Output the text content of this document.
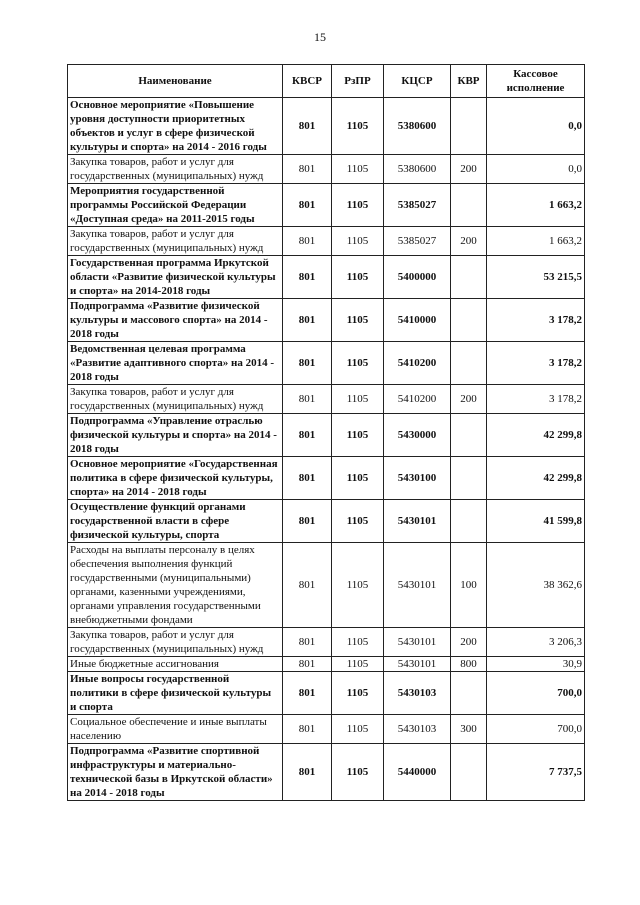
15
Наименование	КВСР	РзПР	КЦСР	КВР	Кассовое исполнение
Основное мероприятие «Повышение уровня доступности приоритетных объектов и услуг в сфере физической культуры и спорта» на 2014 - 2016 годы	801	1105	5380600		0,0
Закупка товаров, работ и услуг для государственных (муниципальных) нужд	801	1105	5380600	200	0,0
Мероприятия государственной программы Российской Федерации «Доступная среда» на 2011-2015 годы	801	1105	5385027		1 663,2
Закупка товаров, работ и услуг для государственных (муниципальных) нужд	801	1105	5385027	200	1 663,2
Государственная программа Иркутской области «Развитие физической культуры и спорта» на 2014-2018 годы	801	1105	5400000		53 215,5
Подпрограмма «Развитие физической культуры и массового спорта» на 2014 - 2018 годы	801	1105	5410000		3 178,2
Ведомственная целевая программа «Развитие адаптивного спорта» на 2014 - 2018 годы	801	1105	5410200		3 178,2
Закупка товаров, работ и услуг для государственных (муниципальных) нужд	801	1105	5410200	200	3 178,2
Подпрограмма «Управление отраслью физической культуры и спорта» на 2014 - 2018 годы	801	1105	5430000		42 299,8
Основное мероприятие «Государственная политика в сфере физической культуры, спорта» на 2014 - 2018 годы	801	1105	5430100		42 299,8
Осуществление функций органами государственной власти в сфере физической культуры, спорта	801	1105	5430101		41 599,8
Расходы на выплаты персоналу в целях обеспечения выполнения функций государственными (муниципальными) органами, казенными учреждениями, органами управления государственными внебюджетными фондами	801	1105	5430101	100	38 362,6
Закупка товаров, работ и услуг для государственных (муниципальных) нужд	801	1105	5430101	200	3 206,3
Иные бюджетные ассигнования	801	1105	5430101	800	30,9
Иные вопросы государственной политики в сфере физической культуры и спорта	801	1105	5430103		700,0
Социальное обеспечение и иные выплаты населению	801	1105	5430103	300	700,0
Подпрограмма «Развитие спортивной инфраструктуры и материально-технической базы в Иркутской области» на 2014 - 2018 годы	801	1105	5440000		7 737,5
